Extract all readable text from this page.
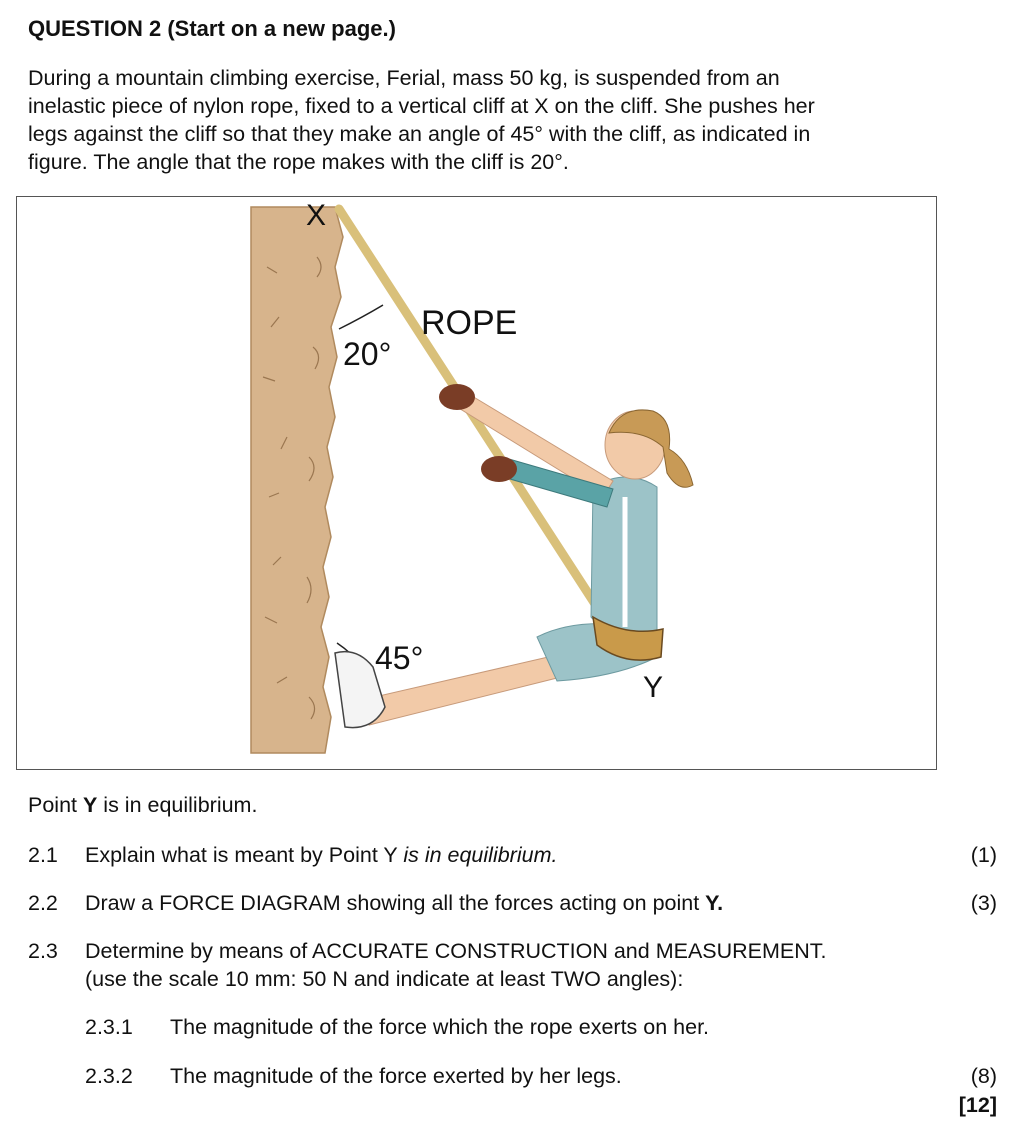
QUESTION 2 (Start on a new page.)
During a mountain climbing exercise, Ferial, mass 50 kg, is suspended from an
inelastic piece of nylon rope, fixed to a vertical cliff at X on the cliff. She pushes her
legs against the cliff so that they make an angle of 45° with the cliff, as indicated in
figure. The angle that the rope makes with the cliff is 20°.
X
ROPE
20°
45°
Y
Point Y is in equilibrium.
2.1 Explain what is meant by Point Y is in equilibrium.	(1)
2.2 Draw a FORCE DIAGRAM showing all the forces acting on point Y.	(3)
2.3 Determine by means of ACCURATE CONSTRUCTION and MEASUREMENT.
(use the scale 10 mm: 50 N and indicate at least TWO angles):
2.3.1 The magnitude of the force which the rope exerts on her.
2.3.2 The magnitude of the force exerted by her legs.	(8)
[12]
